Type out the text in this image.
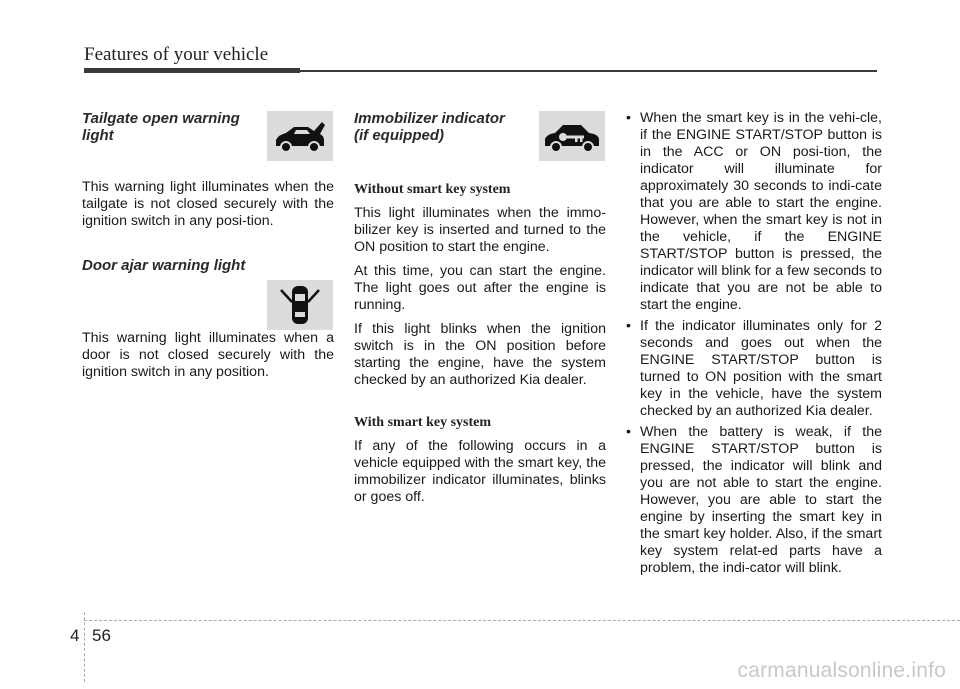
Features of your vehicle
Tailgate open warning light

This warning light illuminates when the tailgate is not closed securely with the ignition switch in any posi-tion.

Door ajar warning light

This warning light illuminates when a door is not closed securely with the ignition switch in any position.

Immobilizer indicator
(if equipped)
Without smart key system

This light illuminates when the immo-bilizer key is inserted and turned to the ON position to start the engine.

At this time, you can start the engine. The light goes out after the engine is running.

If this light blinks when the ignition switch is in the ON position before starting the engine, have the system checked by an authorized Kia dealer.

With smart key system

If any of the following occurs in a vehicle equipped with the smart key, the immobilizer indicator illuminates, blinks or goes off.

• When the smart key is in the vehi-cle, if the ENGINE START/STOP button is in the ACC or ON posi-tion, the indicator will illuminate for approximately 30 seconds to indi-cate that you are able to start the engine. However, when the smart key is not in the vehicle, if the ENGINE START/STOP button is pressed, the indicator will blink for a few seconds to indicate that you are not be able to start the engine.

• If the indicator illuminates only for 2 seconds and goes out when the ENGINE START/STOP button is turned to ON position with the smart key in the vehicle, have the system checked by an authorized Kia dealer.

• When the battery is weak, if the ENGINE START/STOP button is pressed, the indicator will blink and you are not able to start the engine. However, you are able to start the engine by inserting the smart key in the smart key holder. Also, if the smart key system relat-ed parts have a problem, the indi-cator will blink.

4 56
carmanualsonline.info
